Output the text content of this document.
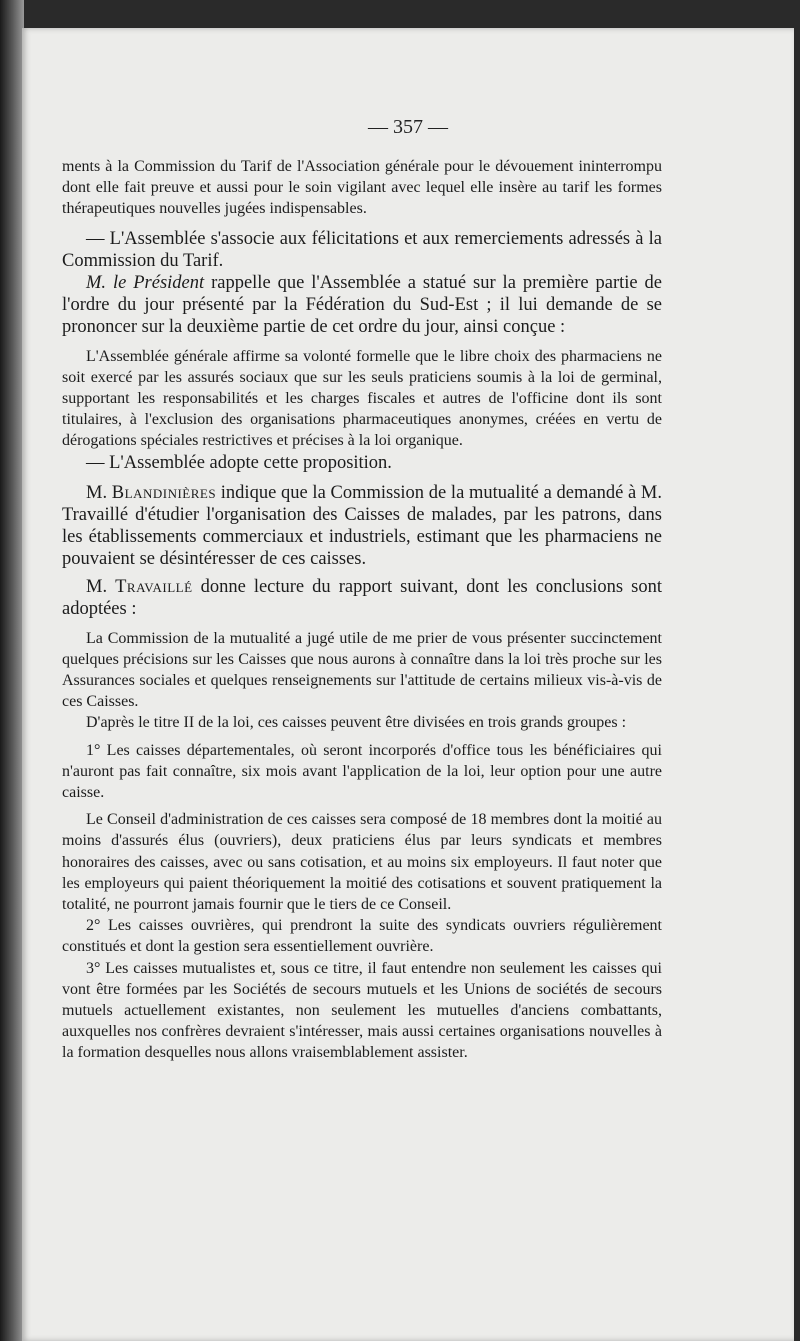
— 357 —

ments à la Commission du Tarif de l'Association générale pour le dévouement ininterrompu dont elle fait preuve et aussi pour le soin vigilant avec lequel elle insère au tarif les formes thérapeutiques nouvelles jugées indispensables.

— L'Assemblée s'associe aux félicitations et aux remerciements adressés à la Commission du Tarif.

M. le Président rappelle que l'Assemblée a statué sur la première partie de l'ordre du jour présenté par la Fédération du Sud-Est ; il lui demande de se prononcer sur la deuxième partie de cet ordre du jour, ainsi conçue :

L'Assemblée générale affirme sa volonté formelle que le libre choix des pharmaciens ne soit exercé par les assurés sociaux que sur les seuls praticiens soumis à la loi de germinal, supportant les responsabilités et les charges fiscales et autres de l'officine dont ils sont titulaires, à l'exclusion des organisations pharmaceutiques anonymes, créées en vertu de dérogations spéciales restrictives et précises à la loi organique.

— L'Assemblée adopte cette proposition.

M. Blandinières indique que la Commission de la mutualité a demandé à M. Travaillé d'étudier l'organisation des Caisses de malades, par les patrons, dans les établissements commerciaux et industriels, estimant que les pharmaciens ne pouvaient se désintéresser de ces caisses.

M. Travaillé donne lecture du rapport suivant, dont les conclusions sont adoptées :

La Commission de la mutualité a jugé utile de me prier de vous présenter succinctement quelques précisions sur les Caisses que nous aurons à connaître dans la loi très proche sur les Assurances sociales et quelques renseignements sur l'attitude de certains milieux vis-à-vis de ces Caisses.

D'après le titre II de la loi, ces caisses peuvent être divisées en trois grands groupes :

1° Les caisses départementales, où seront incorporés d'office tous les bénéficiaires qui n'auront pas fait connaître, six mois avant l'application de la loi, leur option pour une autre caisse.

Le Conseil d'administration de ces caisses sera composé de 18 membres dont la moitié au moins d'assurés élus (ouvriers), deux praticiens élus par leurs syndicats et membres honoraires des caisses, avec ou sans cotisation, et au moins six employeurs. Il faut noter que les employeurs qui paient théoriquement la moitié des cotisations et souvent pratiquement la totalité, ne pourront jamais fournir que le tiers de ce Conseil.

2° Les caisses ouvrières, qui prendront la suite des syndicats ouvriers régulièrement constitués et dont la gestion sera essentiellement ouvrière.

3° Les caisses mutualistes et, sous ce titre, il faut entendre non seulement les caisses qui vont être formées par les Sociétés de secours mutuels et les Unions de sociétés de secours mutuels actuellement existantes, non seulement les mutuelles d'anciens combattants, auxquelles nos confrères devraient s'intéresser, mais aussi certaines organisations nouvelles à la formation desquelles nous allons vraisemblablement assister.
